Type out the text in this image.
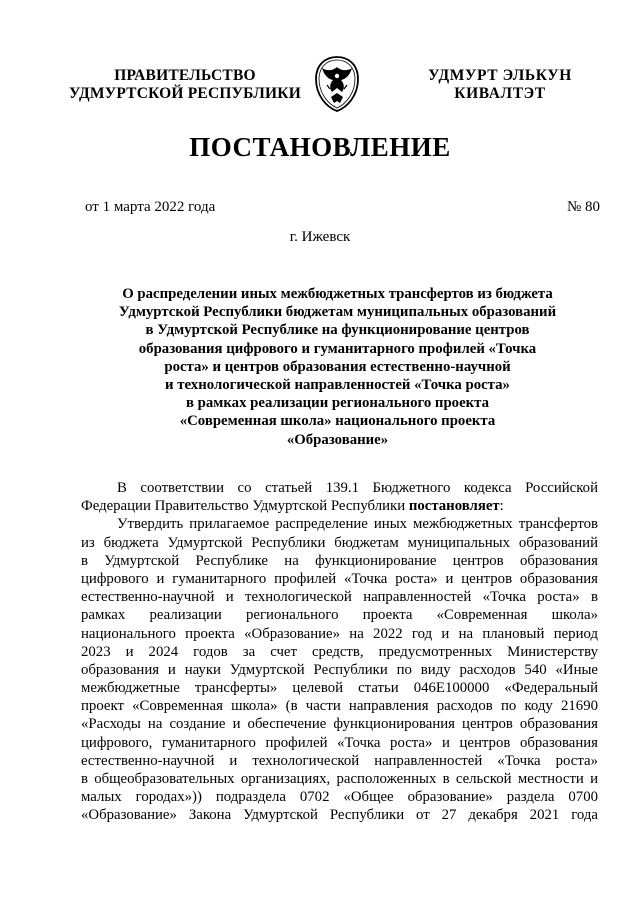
ПРАВИТЕЛЬСТВО
УДМУРТСКОЙ РЕСПУБЛИКИ
УДМУРТ ЭЛЬКУН
КИВАЛТЭТ
ПОСТАНОВЛЕНИЕ
от 1 марта 2022 года	№ 80
г. Ижевск
О распределении иных межбюджетных трансфертов из бюджета
Удмуртской Республики бюджетам муниципальных образований
в Удмуртской Республике на функционирование центров
образования цифрового и гуманитарного профилей «Точка
роста» и центров образования естественно-научной
и технологической направленностей «Точка роста»
в рамках реализации регионального проекта
«Современная школа» национального проекта
«Образование»
В соответствии со статьей 139.1 Бюджетного кодекса Российской
Федерации Правительство Удмуртской Республики постановляет:
Утвердить прилагаемое распределение иных межбюджетных трансфертов
из бюджета Удмуртской Республики бюджетам муниципальных образований
в Удмуртской Республике на функционирование центров образования
цифрового и гуманитарного профилей «Точка роста» и центров образования
естественно-научной и технологической направленностей «Точка роста» в
рамках реализации регионального проекта «Современная школа»
национального проекта «Образование» на 2022 год и на плановый период
2023 и 2024 годов за счет средств, предусмотренных Министерству
образования и науки Удмуртской Республики по виду расходов 540 «Иные
межбюджетные трансферты» целевой статьи 046Е100000 «Федеральный
проект «Современная школа» (в части направления расходов по коду 21690
«Расходы на создание и обеспечение функционирования центров образования
цифрового, гуманитарного профилей «Точка роста» и центров образования
естественно-научной и технологической направленностей «Точка роста»
в общеобразовательных организациях, расположенных в сельской местности и
малых городах»)) подраздела 0702 «Общее образование» раздела 0700
«Образование» Закона Удмуртской Республики от 27 декабря 2021 года
